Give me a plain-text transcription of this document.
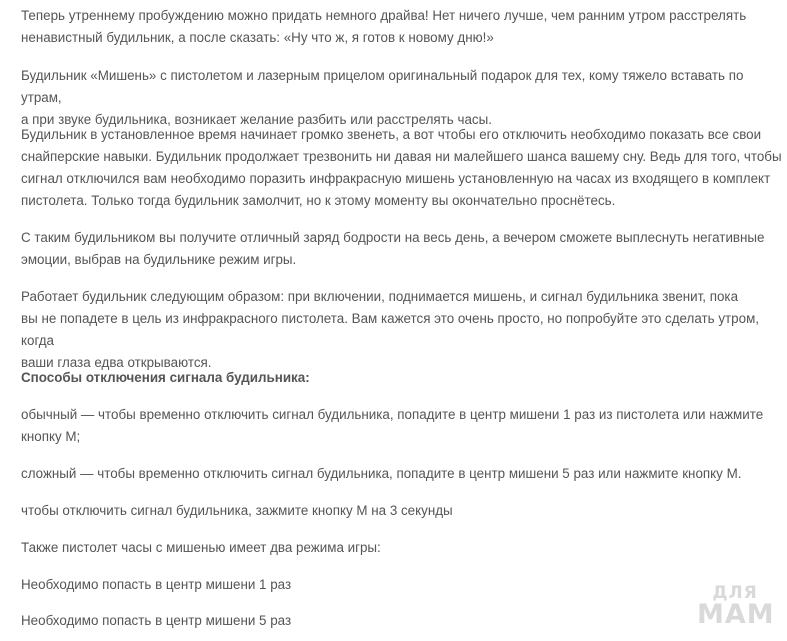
Теперь утреннему пробуждению можно придать немного драйва! Нет ничего лучше, чем ранним утром расстрелять
ненавистный будильник, а после сказать: «Ну что ж, я готов к новому дню!»

Будильник «Мишень» с пистолетом и лазерным прицелом оригинальный подарок для тех, кому тяжело вставать по утрам,
а при звуке будильника, возникает желание разбить или расстрелять часы.

Будильник в установленное время начинает громко звенеть, а вот чтобы его отключить необходимо показать все свои
снайперские навыки. Будильник продолжает трезвонить ни давая ни малейшего шанса вашему сну. Ведь для того, чтобы
сигнал отключился вам необходимо поразить инфракрасную мишень установленную на часах из входящего в комплект
пистолета. Только тогда будильник замолчит, но к этому моменту вы окончательно проснётесь.

С таким будильником вы получите отличный заряд бодрости на весь день, а вечером сможете выплеснуть негативные
эмоции, выбрав на будильнике режим игры.

Работает будильник следующим образом: при включении, поднимается мишень, и сигнал будильника звенит, пока
вы не попадете в цель из инфракрасного пистолета. Вам кажется это очень просто, но попробуйте это сделать утром, когда
ваши глаза едва открываются.

Способы отключения сигнала будильника:

обычный — чтобы временно отключить сигнал будильника, попадите в центр мишени 1 раз из пистолета или нажмите
кнопку М;

сложный — чтобы временно отключить сигнал будильника, попадите в центр мишени 5 раз или нажмите кнопку М.

чтобы отключить сигнал будильника, зажмите кнопку М на 3 секунды

Также пистолет часы с мишенью имеет два режима игры:

Необходимо попасть в центр мишени 1 раз

Необходимо попасть в центр мишени 5 раз

ДЛЯ
МАМ
